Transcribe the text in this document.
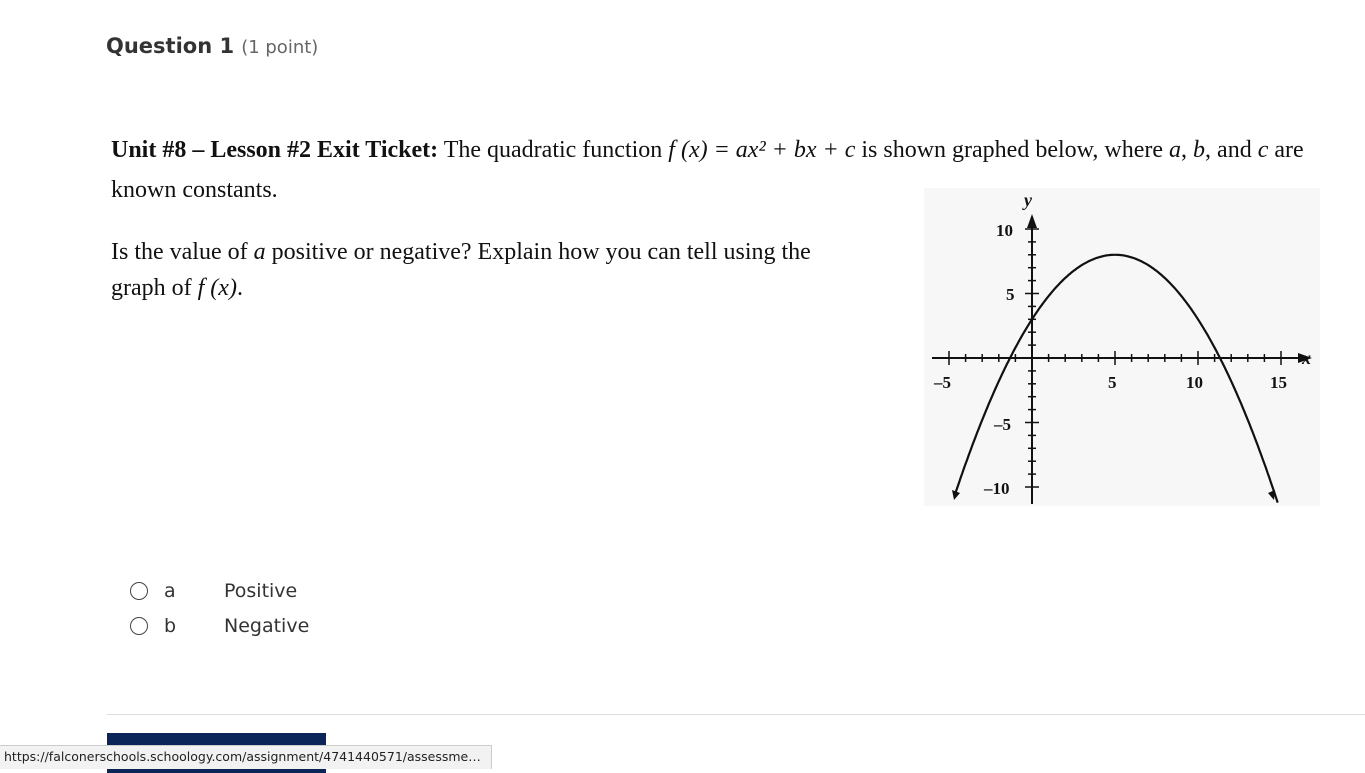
Question 1 (1 point)
Unit #8 – Lesson #2 Exit Ticket: The quadratic function f (x) = ax² + bx + c is shown graphed below, where a, b, and c are known constants.
Is the value of a positive or negative? Explain how you can tell using the graph of f (x).
x
y
–5	5	10	15
10
5
–5
–10
a	Positive
b	Negative
https://falconerschools.schoology.com/assignment/4741440571/assessme…
